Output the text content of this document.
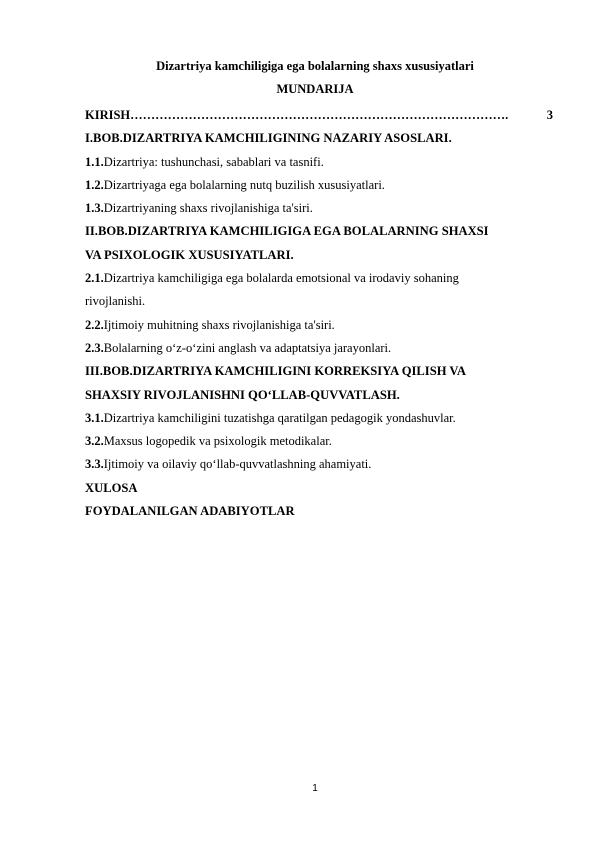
Dizartriya kamchiligiga ega bolalarning shaxs xususiyatlari
MUNDARIJA
KIRISH ……………………………………………………………………………….	3
I.BOB.DIZARTRIYA KAMCHILIGINING NAZARIY ASOSLARI.
1.1.Dizartriya: tushunchasi, sabablari va tasnifi.
1.2.Dizartriyaga ega bolalarning nutq buzilish xususiyatlari.
1.3.Dizartriyaning shaxs rivojlanishiga ta'siri.
II.BOB.DIZARTRIYA KAMCHILIGIGA EGA BOLALARNING SHAXSI
VA PSIXOLOGIK XUSUSIYATLARI.
2.1.Dizartriya kamchiligiga ega bolalarda emotsional va irodaviy sohaning
rivojlanishi.
2.2.Ijtimoiy muhitning shaxs rivojlanishiga ta'siri.
2.3.Bolalarning o‘z-o‘zini anglash va adaptatsiya jarayonlari.
III.BOB.DIZARTRIYA KAMCHILIGINI KORREKSIYA QILISH VA
SHAXSIY RIVOJLANISHNI QO‘LLAB-QUVVATLASH.
3.1.Dizartriya kamchiligini tuzatishga qaratilgan pedagogik yondashuvlar.
3.2.Maxsus logopedik va psixologik metodikalar.
3.3.Ijtimoiy va oilaviy qo‘llab-quvvatlashning ahamiyati.
XULOSA
FOYDALANILGAN ADABIYOTLAR
1
